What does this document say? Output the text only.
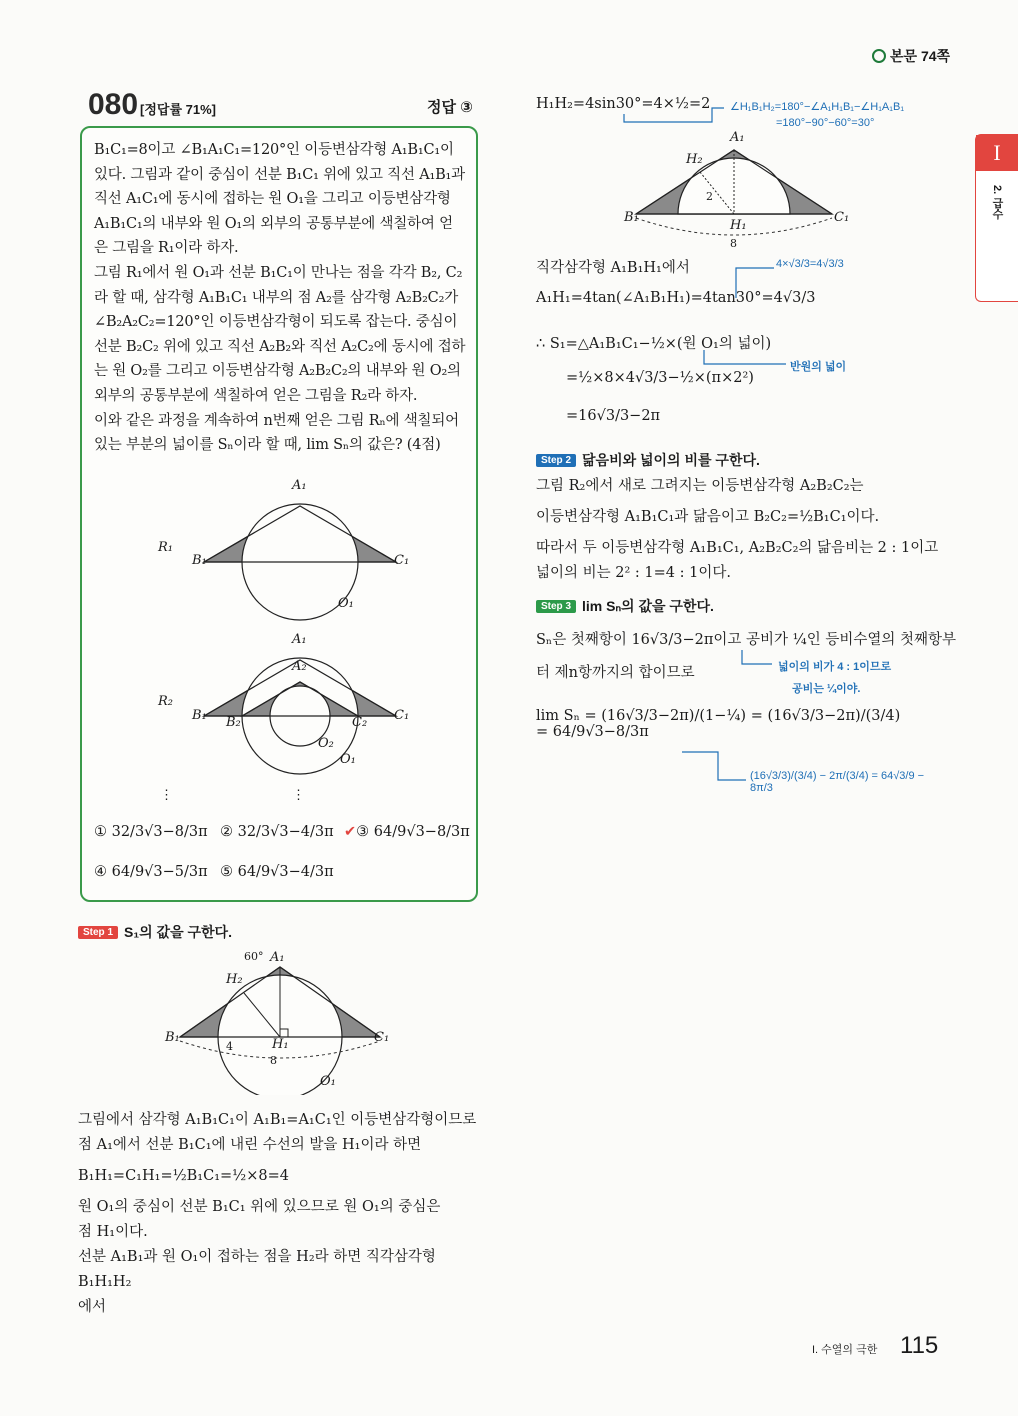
본문 74쪽
080 [정답률 71%]	정답 ③

B₁C₁=8이고 ∠B₁A₁C₁=120°인 이등변삼각형 A₁B₁C₁이 있다. 그림과 같이 중심이 선분 B₁C₁ 위에 있고 직선 A₁B₁과 직선 A₁C₁에 동시에 접하는 원 O₁을 그리고 이등변삼각형 A₁B₁C₁의 내부와 원 O₁의 외부의 공통부분에 색칠하여 얻은 그림을 R₁이라 하자.

그림 R₁에서 원 O₁과 선분 B₁C₁이 만나는 점을 각각 B₂, C₂라 할 때, 삼각형 A₁B₁C₁ 내부의 점 A₂를 삼각형 A₂B₂C₂가 ∠B₂A₂C₂=120°인 이등변삼각형이 되도록 잡는다. 중심이 선분 B₂C₂ 위에 있고 직선 A₂B₂와 직선 A₂C₂에 동시에 접하는 원 O₂를 그리고 이등변삼각형 A₂B₂C₂의 내부와 원 O₂의 외부의 공통부분에 색칠하여 얻은 그림을 R₂라 하자.

이와 같은 과정을 계속하여 n번째 얻은 그림 Rₙ에 색칠되어 있는 부분의 넓이를 Sₙ이라 할 때, lim Sₙ의 값은? (4점)

R₁
A₁
B₁	C₁
O₁
R₂
A₁
A₂
B₁ B₂	C₂ C₁
O₂
O₁
⋮	⋮
① 32/3√3−8/3π ② 32/3√3−4/3π ✔③ 64/9√3−8/3π
④ 64/9√3−5/3π ⑤ 64/9√3−4/3π
Step 1 S₁의 값을 구한다.
60° A₁
H₂
B₁	C₁
H₁
4
8
O₁
그림에서 삼각형 A₁B₁C₁이 A₁B₁=A₁C₁인 이등변삼각형이므로
점 A₁에서 선분 B₁C₁에 내린 수선의 발을 H₁이라 하면
B₁H₁=C₁H₁=½B₁C₁=½×8=4
원 O₁의 중심이 선분 B₁C₁ 위에 있으므로 원 O₁의 중심은
점 H₁이다.
선분 A₁B₁과 원 O₁이 접하는 점을 H₂라 하면 직각삼각형 B₁H₁H₂
에서
H₁H₂=4sin30°=4×½=2 ∠H₁B₁H₂=180°−∠A₁H₁B₁−∠H₁A₁B₁
=180°−90°−60°=30°
A₁
H₂
2
B₁	C₁
H₁
8
직각삼각형 A₁B₁H₁에서	4×√3/3=4√3/3
A₁H₁=4tan(∠A₁B₁H₁)=4tan30°=4√3/3
∴ S₁=△A₁B₁C₁−½×(원 O₁의 넓이)
반원의 넓이
=½×8×4√3/3−½×(π×2²)
=16√3/3−2π
Step 2 닮음비와 넓이의 비를 구한다.
그림 R₂에서 새로 그려지는 이등변삼각형 A₂B₂C₂는
이등변삼각형 A₁B₁C₁과 닮음이고 B₂C₂=½B₁C₁이다.
따라서 두 이등변삼각형 A₁B₁C₁, A₂B₂C₂의 닮음비는 2 : 1이고
넓이의 비는 2² : 1=4 : 1이다.
Step 3 lim Sₙ의 값을 구한다.
Sₙ은 첫째항이 16√3/3−2π이고 공비가 ¼인 등비수열의 첫째항부
터 제n항까지의 합이므로	넓이의 비가 4 : 1이므로
공비는 ¼이야.
lim Sₙ = (16√3/3−2π)/(1−¼) = (16√3/3−2π)/(3/4) = 64/9√3−8/3π
(16√3/3)/(3/4) − 2π/(3/4) = 64√3/9 − 8π/3
I
2. 급수
I. 수열의 극한 115
